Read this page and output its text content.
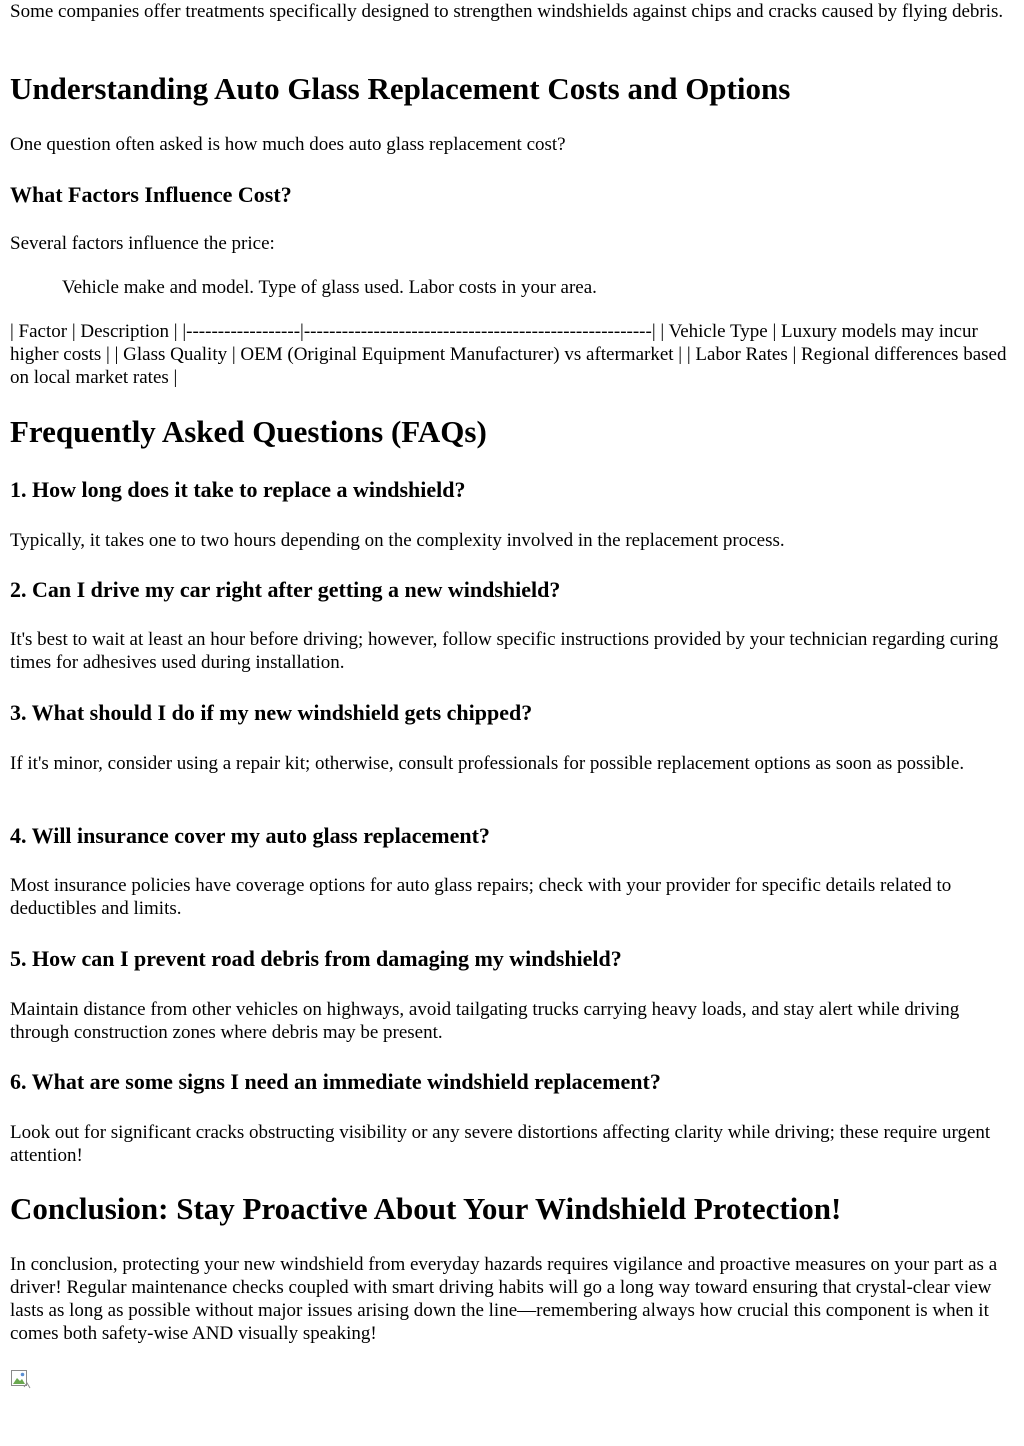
Some companies offer treatments specifically designed to strengthen windshields against chips and cracks caused by flying debris.

Understanding Auto Glass Replacement Costs and Options

One question often asked is how much does auto glass replacement cost?

What Factors Influence Cost?

Several factors influence the price:

Vehicle make and model. Type of glass used. Labor costs in your area.

| Factor | Description | |------------------|-------------------------------------------------------| | Vehicle Type | Luxury models may incur higher costs | | Glass Quality | OEM (Original Equipment Manufacturer) vs aftermarket | | Labor Rates | Regional differences based on local market rates |

Frequently Asked Questions (FAQs)
1. How long does it take to replace a windshield?

Typically, it takes one to two hours depending on the complexity involved in the replacement process.

2. Can I drive my car right after getting a new windshield?

It's best to wait at least an hour before driving; however, follow specific instructions provided by your technician regarding curing times for adhesives used during installation.

3. What should I do if my new windshield gets chipped?

If it's minor, consider using a repair kit; otherwise, consult professionals for possible replacement options as soon as possible.

4. Will insurance cover my auto glass replacement?

Most insurance policies have coverage options for auto glass repairs; check with your provider for specific details related to deductibles and limits.

5. How can I prevent road debris from damaging my windshield?

Maintain distance from other vehicles on highways, avoid tailgating trucks carrying heavy loads, and stay alert while driving through construction zones where debris may be present.

6. What are some signs I need an immediate windshield replacement?

Look out for significant cracks obstructing visibility or any severe distortions affecting clarity while driving; these require urgent attention!

Conclusion: Stay Proactive About Your Windshield Protection!

In conclusion, protecting your new windshield from everyday hazards requires vigilance and proactive measures on your part as a driver! Regular maintenance checks coupled with smart driving habits will go a long way toward ensuring that crystal-clear view lasts as long as possible without major issues arising down the line—remembering always how crucial this component is when it comes both safety-wise AND visually speaking!
